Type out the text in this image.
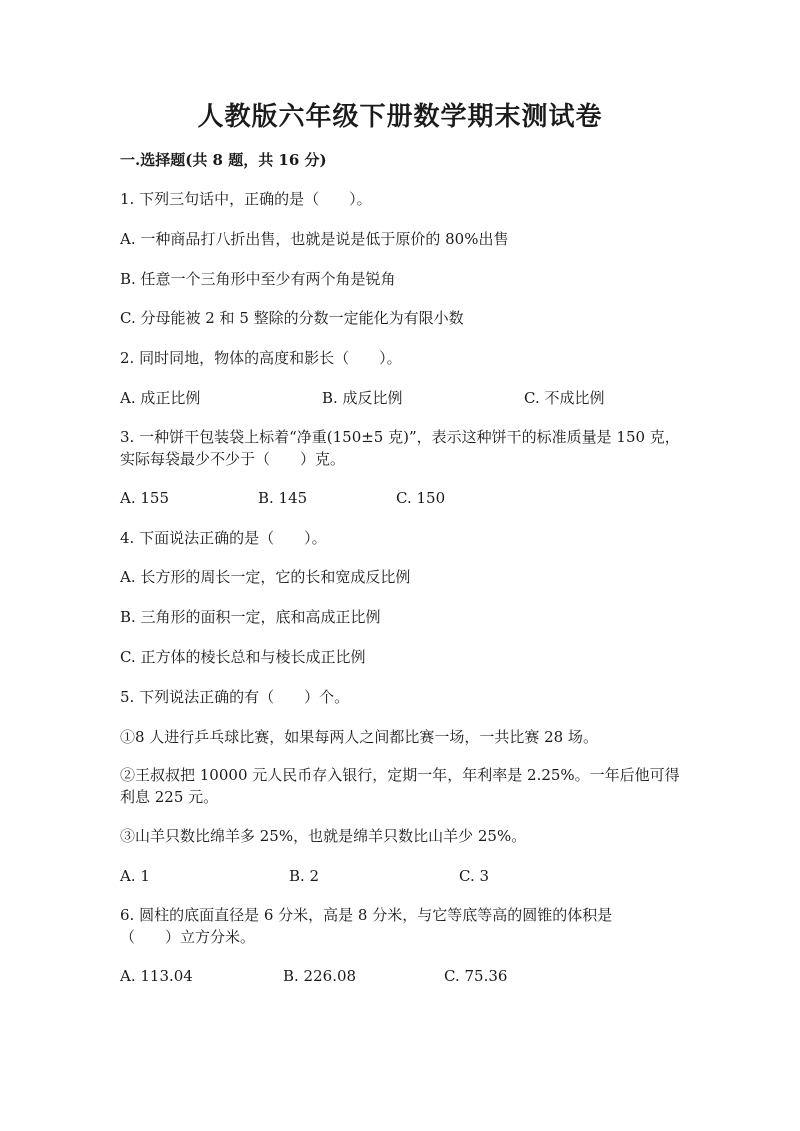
人教版六年级下册数学期末测试卷
一.选择题(共 8 题，共 16 分)
1. 下列三句话中，正确的是（　　）。
A. 一种商品打八折出售，也就是说是低于原价的 80%出售
B. 任意一个三角形中至少有两个角是锐角
C. 分母能被 2 和 5 整除的分数一定能化为有限小数
2. 同时同地，物体的高度和影长（　　）。
A. 成正比例	B. 成反比例	C. 不成比例
3. 一种饼干包装袋上标着“净重(150±5 克)”，表示这种饼干的标准质量是 150 克，实际每袋最少不少于（　　）克。
A. 155	B. 145	C. 150
4. 下面说法正确的是（　　）。
A. 长方形的周长一定，它的长和宽成反比例
B. 三角形的面积一定，底和高成正比例
C. 正方体的棱长总和与棱长成正比例
5. 下列说法正确的有（　　）个。
①8 人进行乒乓球比赛，如果每两人之间都比赛一场，一共比赛 28 场。
②王叔叔把 10000 元人民币存入银行，定期一年，年利率是 2.25%。一年后他可得利息 225 元。
③山羊只数比绵羊多 25%，也就是绵羊只数比山羊少 25%。
A. 1	B. 2	C. 3
6. 圆柱的底面直径是 6 分米，高是 8 分米，与它等底等高的圆锥的体积是（　　）立方分米。
A. 113.04	B. 226.08	C. 75.36
